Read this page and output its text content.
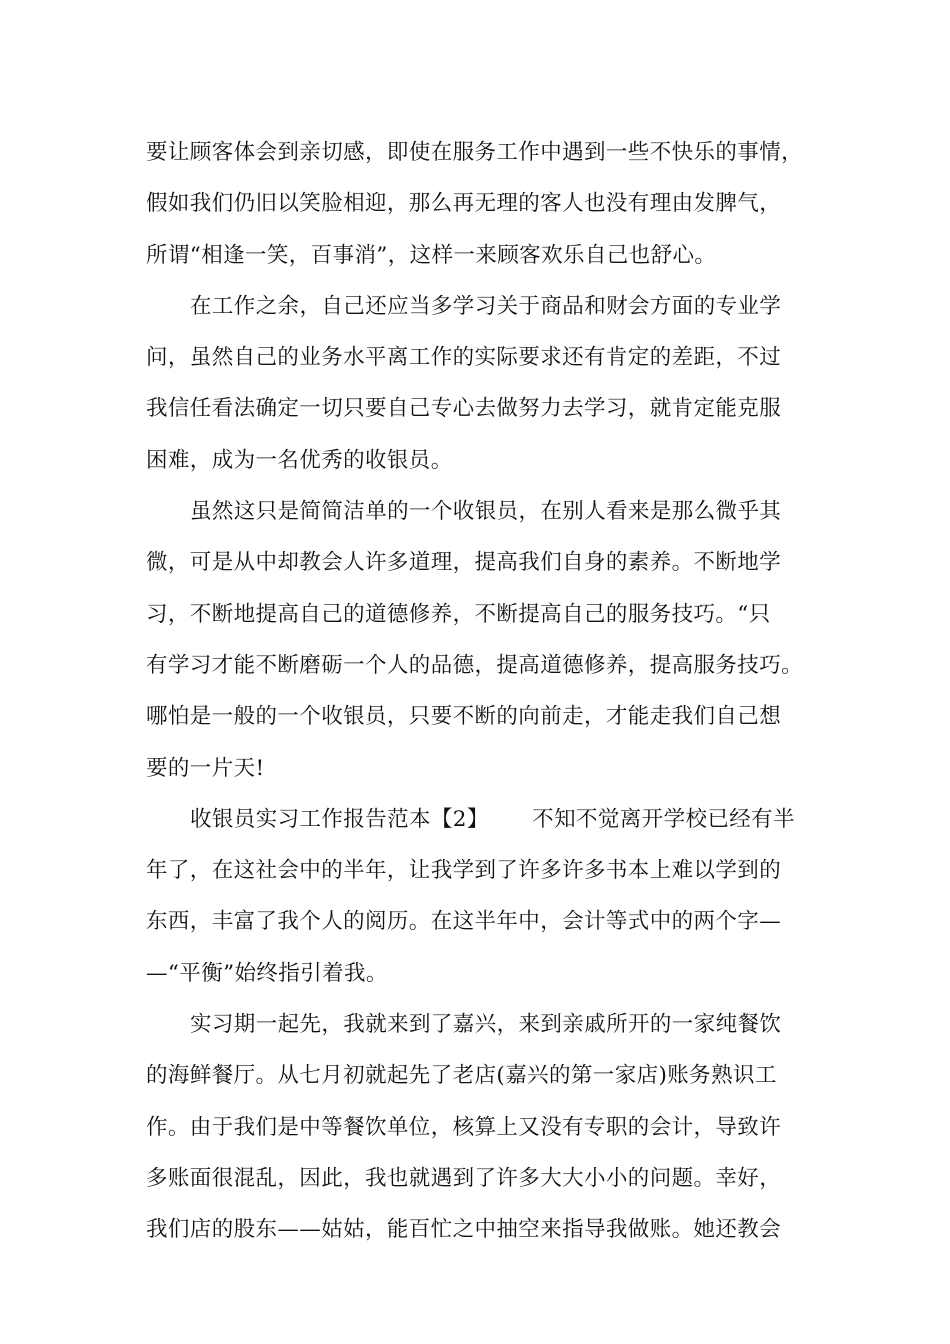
要让顾客体会到亲切感，即使在服务工作中遇到一些不快乐的事情，
假如我们仍旧以笑脸相迎，那么再无理的客人也没有理由发脾气，
所谓“相逢一笑，百事消”，这样一来顾客欢乐自己也舒心。
在工作之余，自己还应当多学习关于商品和财会方面的专业学
问，虽然自己的业务水平离工作的实际要求还有肯定的差距，不过
我信任看法确定一切只要自己专心去做努力去学习，就肯定能克服
困难，成为一名优秀的收银员。
虽然这只是简简洁单的一个收银员，在别人看来是那么微乎其
微，可是从中却教会人许多道理，提高我们自身的素养。不断地学
习，不断地提高自己的道德修养，不断提高自己的服务技巧。“只
有学习才能不断磨砺一个人的品德，提高道德修养，提高服务技巧。
哪怕是一般的一个收银员，只要不断的向前走，才能走我们自己想
要的一片天!
收银员实习工作报告范本【2】      不知不觉离开学校已经有半
年了，在这社会中的半年，让我学到了许多许多书本上难以学到的
东西，丰富了我个人的阅历。在这半年中，会计等式中的两个字—
—“平衡”始终指引着我。
实习期一起先，我就来到了嘉兴，来到亲戚所开的一家纯餐饮
的海鲜餐厅。从七月初就起先了老店(嘉兴的第一家店)账务熟识工
作。由于我们是中等餐饮单位，核算上又没有专职的会计，导致许
多账面很混乱，因此，我也就遇到了许多大大小小的问题。幸好，
我们店的股东——姑姑，能百忙之中抽空来指导我做账。她还教会
